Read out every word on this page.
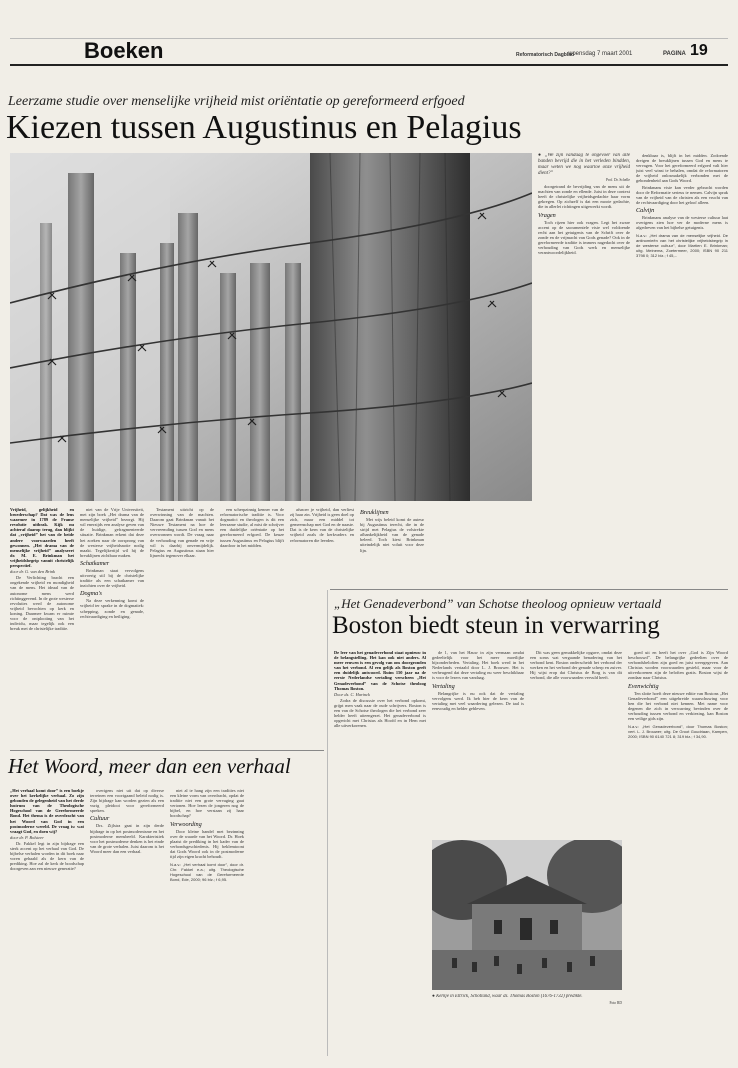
Boeken	Reformatorisch Dagblad
woensdag 7 maart 2001	PAGINA 19
Leerzame studie over menselijke vrijheid mist oriëntatie op gereformeerd erfgoed
Kiezen tussen Augustinus en Pelagius

Vrijheid, gelijkheid en broederschap? Dat was de leus waarmee in 1789 de Franse revolutie uitbrak. Kijk nu achteraf daarop terug, dan blijkt dat „vrijheid” het van de beide andere voorwaarden heeft gewonnen. „Het drama van de menselijke vrijheid” analyseert dr. M. E. Brinkman het vrijheidsbegrip vanuit christelijk perspectief.

door dr. G. van den Brink

De Verlichting bracht een ongekende vrijheid en mondigheid van de mens. Het ideaal van de autonome mens werd richtinggevend. In de grote westerse revoluties werd de autonome vrijheid bevochten op kerk en koning. Daarmee kwam er ruimte voor de ontplooiing van het individu, maar tegelijk ook een breuk met de christelijke traditie.

niet van de Vrije Universiteit, met zijn boek „Het drama van de menselijke vrijheid” bezorgt. Hij wil enerzijds een analyse geven van de huidige, gefragmenteerde situatie. Brinkman erkent dat deze het zoeken naar de oorsprong van de westerse vrijheidsnotie nodig maakt. Tegelijkertijd wil hij de breuklijnen zichtbaar maken.

Schatkamer

Brinkman staat vervolgens uitvoerig stil bij de christelijke traditie als een schatkamer van inzichten over de vrijheid.

Dogma's

Na deze verkenning komt de vrijheid ter sprake in de dogmatiek: schepping, zonde en genade, rechtvaardiging en heiliging.

Testament uitricht op de overwinning van de machten. Daarom gaat Brinkman vanuit het Nieuwe Testament na hoe de vervreemding tussen God en mens overwonnen wordt. De vraag naar de verhouding van genade en vrije wil is daarbij onvermijdelijk. Pelagius en Augustinus staan hier lijnrecht tegenover elkaar.

een scherpzinnig kenner van de reformatorische traditie is. Voor dogmatici en theologen is dit een leerzame studie, al mist de schrijver een duidelijke oriëntatie op het gereformeerd erfgoed. De keuze tussen Augustinus en Pelagius blijft daardoor in het midden.

afsnoer je vrijheid, dan verliest zij haar zin. Vrijheid is geen doel op zich, maar een middel tot gemeenschap met God en de naaste. Dat is de kern van de christelijke vrijheid zoals de kerkvaders en reformatoren die leerden.

Breuklijnen

Met wijs beleid komt de auteur bij Augustinus terecht, die in de strijd met Pelagius de volstrekte afhankelijkheid van de genade beleed. Toch kiest Brinkman uiteindelijk niet voluit voor deze lijn.

● „We zijn vandaag te ongevoer van alle banden bevrijd die in het verleden bindden, maar weten we nog waartoe onze vrijheid dient?”

Prof. Dr. Schelle

doorgetrand de bevrijding van de mens uit de machten van zonde en ellende. Juist in deze context heeft de christelijke vrijheidsgedachte haar vorm gekregen. Op zichzelf is dat een mooie gedachte, die in allerlei richtingen uitgewerkt wordt.

Vragen

Toch rijzen hier ook vragen. Legt het zware accent op de sacramentele visie wel voldoende recht aan het getuigenis van de Schrift over de zonde en de vrijmacht van Gods genade? Ook in de gereformeerde traditie is immers nagedacht over de verhouding van Gods werk en menselijke verantwoordelijkheid.

denkbaar is, blijft in het midden. Zodoende dreigen de breuklijnen tussen God en mens te vervagen. Voor het gereformeerd erfgoed valt hier juist veel winst te behalen, omdat de reformatoren de vrijheid onlosmakelijk verbonden met de gebondenheid aan Gods Woord.

Brinkmans visie kan verder gebracht worden door de Reformatie serieus te nemen. Calvijn sprak van de vrijheid van de christen als een vrucht van de rechtvaardiging door het geloof alleen.

Calvijn

Brinkmans analyse van de westerse cultuur laat overigens zien hoe ver de moderne mens is afgedreven van het bijbelse getuigenis.

N.a.v.: „Het drama van de menselijke vrijheid. De antinomieën van het christelijke vrijheidsbegrip in de westerse cultuur”, door Martien E. Brinkman; uitg. Meinema, Zoetermeer, 2000; ISBN 90 211 3798 0; 312 blz.; f 45,-.

„Het Genadeverbond” van Schotse theoloog opnieuw vertaald
Boston biedt steun in verwarring

De leer van het genadeverbond staat opnieuw in de belangstelling. Het kan ook niet anders. Al meer eeuwen is een gevolg van ons doorgronden van het verbond. Al een gelijk als Boston geeft een duidelijk antwoord. Ruim 150 jaar na de eerste Nederlandse vertaling verscheen „Het Genadeverbond” van de Schotse theoloog Thomas Boston.

Door ds. C. Harinck

Zodra de discussie over het verbond opkomt, grijpt men vaak naar de oude schrijvers. Boston is een van de Schotse theologen die het verbond zeer helder heeft uiteengezet. Het genadeverbond is opgericht met Christus als Hoofd en in Hem met alle uitverkorenen.

de 1, van het Hauw in zijn vermaan omdat gedeeltelijk voor het meer moeilijke bijzonderheden. Vertaling. Het boek werd in het Nederlands vertaald door L. J. Brouwer. Het is verheugend dat deze vertaling nu weer beschikbaar is voor de lezers van vandaag.

Vertaling

Belangrijke is nu ook dat de vertaling vervolgens werd. Ik heb hier de kern van de vertaling met veel waardering gelezen. De taal is eenvoudig en helder gebleven.

Dit was geen gemakkelijke opgave, omdat deze een soms wat vergaande benadering van het verbond kent. Boston onderscheidt het verbond der werken en het verbond der genade scherp en zuiver. Hij wijst erop dat Christus de Borg is van dit verbond, die alle voorwaarden vervuld heeft.

goed uit en heeft het over „God is Zijn Woord beschouwd”. De belangrijke gedeelten over de verbondsbeloften zijn goed en juist weergegeven. Aan Christus worden voorwaarden gesteld, maar voor de uitverkorenen zijn de beloften gratis. Boston wijst de zondaar naar Christus.

Evenwichtig

Ten slotte hoeft deze nieuwe editie van Bostons „Het Genadeverbond” een uitgebreide waarschuwing voor hen die het verbond niet kennen. Met name voor degenen die zich in verwarring bevinden over de verhouding tussen verbond en verkiezing, kan Boston een veilige gids zijn.

N.a.v.: „Het Genadeverbond”, door Thomas Boston; vert. L. J. Brouwer; uitg. De Groot Goudriaan, Kampen, 2000; ISBN 90 6140 721 8; 319 blz.; f 34,90.

● Kerkje in Ettrick, Schotland, waar ds. Thomas Boston (1676-1732) predikte.

Foto RD

Het Woord, meer dan een verhaal

„Het verhaal komt door” is een boekje over het kerkelijke verhaal. Zo zijn gebonden de gelegenheid van het derde lustrum van de Theologische Hogeschool van de Gereformeerde Bond. Het thema is de overdracht van het Woord van God in een postmoderne wereld. De vraag is: wat vraagt God, en doen wij?

door dr. P. Bolsteer

Dr. Fakkel legt in zijn bijdrage een sterk accent op het verhaal van God. De bijbelse verhalen worden in dit boek naar voren gehaald als de kern van de prediking. Hoe zal de kerk de boodschap doorgeven aan een nieuwe generatie?

overigens niet uit dat op diverse terreinen een voortgaand beleid nodig is. Zijn bijdrage kan worden gezien als een vurig pleidooi voor gereformeerd spreken.

Cultuur

Drs. Zijlstra gaat in zijn derde bijdrage in op het postmodernisme en het postmoderne mensbeeld. Karakteristiek voor het postmoderne denken is het einde van de grote verhalen. Juist daarom is het Woord meer dan een verhaal.

niet al te hang zijn een tradities niet een kleine vorm van overdracht, opdat de traditie niet een grote vervaging gaat vertonen. Hoe lezen de jongeren nog de bijbel, en hoe verstaan zij haar boodschap?

Verwoording

Door kleine handel met bezinning over de waarde van het Woord. Dr. Hoek plaatst de prediking in het kader van de verbondsgeschiedenis. Hij beklemtoont dat Gods Woord ook in de postmoderne tijd zijn eigen kracht behoudt.

N.a.v.: „Het verhaal komt door”, door dr. Chr. Fakkel e.a.; uitg. Theologische Hogeschool van de Gereformeerde Bond, Ede, 2000; 96 blz.; f 6,95.
